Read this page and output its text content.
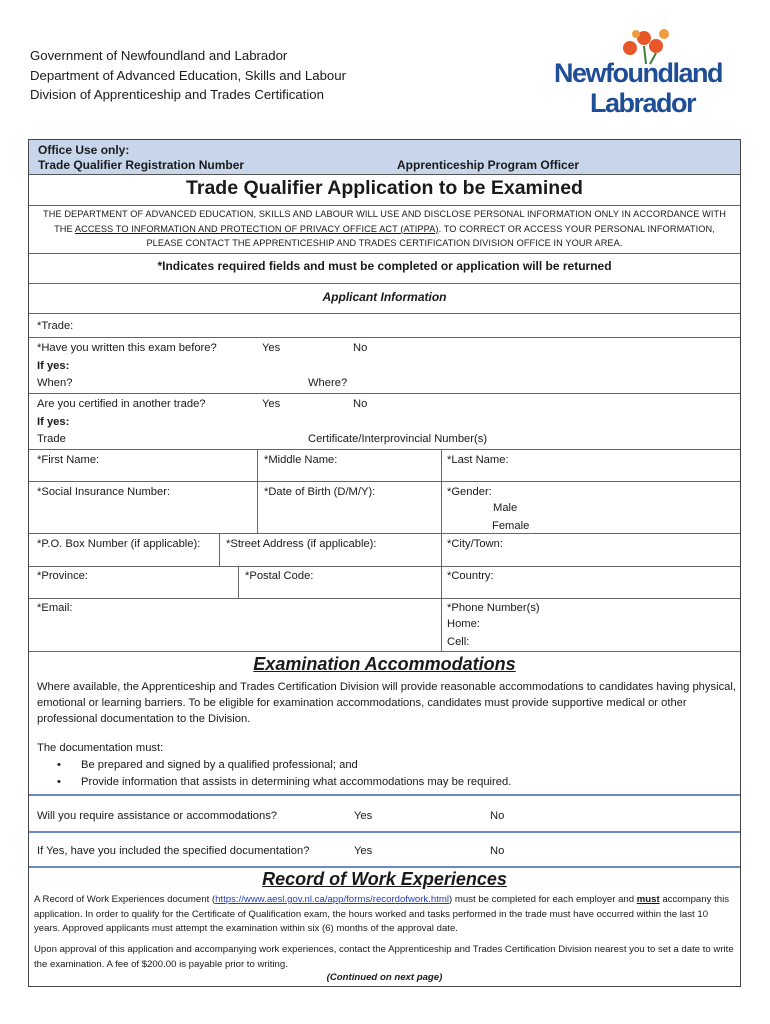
Government of Newfoundland and Labrador
Department of Advanced Education, Skills and Labour
Division of Apprenticeship and Trades Certification
Newfoundland
Labrador
Office Use only:
Trade Qualifier Registration Number	Apprenticeship Program Officer
Trade Qualifier Application to be Examined
THE DEPARTMENT OF ADVANCED EDUCATION, SKILLS AND LABOUR WILL USE AND DISCLOSE PERSONAL INFORMATION ONLY IN ACCORDANCE WITH THE ACCESS TO INFORMATION AND PROTECTION OF PRIVACY OFFICE ACT (ATIPPA). TO CORRECT OR ACCESS YOUR PERSONAL INFORMATION, PLEASE CONTACT THE APPRENTICESHIP AND TRADES CERTIFICATION DIVISION OFFICE IN YOUR AREA.
*Indicates required fields and must be completed or application will be returned
Applicant Information
*Trade:
*Have you written this exam before?	Yes	No
If yes:
When?	Where?
Are you certified in another trade?	Yes	No
If yes:
Trade	Certificate/Interprovincial Number(s)
*First Name:	*Middle Name:	*Last Name:
*Social Insurance Number:	*Date of Birth (D/M/Y):	*Gender:
Male
Female
*P.O. Box Number (if applicable): *Street Address (if applicable):	*City/Town:
*Province:	*Postal Code:	*Country:
*Email:	*Phone Number(s)
Home:
Cell:
Examination Accommodations
Where available, the Apprenticeship and Trades Certification Division will provide reasonable accommodations to candidates having physical, emotional or learning barriers. To be eligible for examination accommodations, candidates must provide supportive medical or other professional documentation to the Division.
The documentation must:
• Be prepared and signed by a qualified professional; and
• Provide information that assists in determining what accommodations may be required.
Will you require assistance or accommodations?	Yes	No
If Yes, have you included the specified documentation?	Yes	No
Record of Work Experiences
A Record of Work Experiences document (https://www.aesl.gov.nl.ca/app/forms/recordofwork.html) must be completed for each employer and must accompany this application. In order to qualify for the Certificate of Qualification exam, the hours worked and tasks performed in the trade must have occurred within the last 10 years. Approved applicants must attempt the examination within six (6) months of the approval date.
Upon approval of this application and accompanying work experiences, contact the Apprenticeship and Trades Certification Division nearest you to set a date to write the examination. A fee of $200.00 is payable prior to writing.
(Continued on next page)
